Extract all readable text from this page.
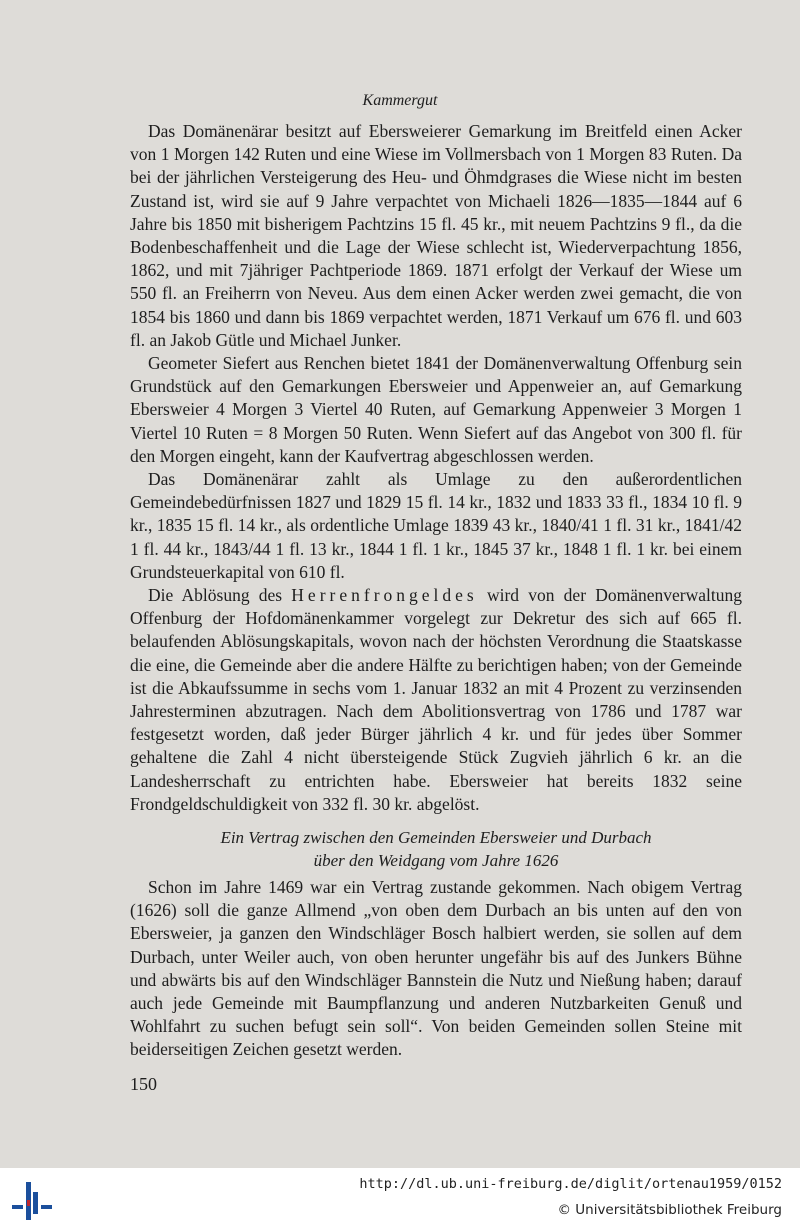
Kammergut

Das Domänenärar besitzt auf Ebersweierer Gemarkung im Breitfeld einen Acker von 1 Morgen 142 Ruten und eine Wiese im Vollmersbach von 1 Morgen 83 Ruten. Da bei der jährlichen Versteigerung des Heu- und Öhmdgrases die Wiese nicht im besten Zustand ist, wird sie auf 9 Jahre verpachtet von Michaeli 1826—1835—1844 auf 6 Jahre bis 1850 mit bisherigem Pachtzins 15 fl. 45 kr., mit neuem Pachtzins 9 fl., da die Bodenbeschaffenheit und die Lage der Wiese schlecht ist, Wiederverpachtung 1856, 1862, und mit 7jähriger Pachtperiode 1869. 1871 erfolgt der Verkauf der Wiese um 550 fl. an Freiherrn von Neveu. Aus dem einen Acker werden zwei gemacht, die von 1854 bis 1860 und dann bis 1869 verpachtet werden, 1871 Verkauf um 676 fl. und 603 fl. an Jakob Gütle und Michael Junker.

Geometer Siefert aus Renchen bietet 1841 der Domänenverwaltung Offenburg sein Grundstück auf den Gemarkungen Ebersweier und Appenweier an, auf Gemarkung Ebersweier 4 Morgen 3 Viertel 40 Ruten, auf Gemarkung Appenweier 3 Morgen 1 Viertel 10 Ruten = 8 Morgen 50 Ruten. Wenn Siefert auf das Angebot von 300 fl. für den Morgen eingeht, kann der Kaufvertrag abgeschlossen werden.

Das Domänenärar zahlt als Umlage zu den außerordentlichen Gemeindebedürfnissen 1827 und 1829 15 fl. 14 kr., 1832 und 1833 33 fl., 1834 10 fl. 9 kr., 1835 15 fl. 14 kr., als ordentliche Umlage 1839 43 kr., 1840/41 1 fl. 31 kr., 1841/42 1 fl. 44 kr., 1843/44 1 fl. 13 kr., 1844 1 fl. 1 kr., 1845 37 kr., 1848 1 fl. 1 kr. bei einem Grundsteuerkapital von 610 fl.

Die Ablösung des Herrenfrongeldes wird von der Domänenverwaltung Offenburg der Hofdomänenkammer vorgelegt zur Dekretur des sich auf 665 fl. belaufenden Ablösungskapitals, wovon nach der höchsten Verordnung die Staatskasse die eine, die Gemeinde aber die andere Hälfte zu berichtigen haben; von der Gemeinde ist die Abkaufssumme in sechs vom 1. Januar 1832 an mit 4 Prozent zu verzinsenden Jahresterminen abzutragen. Nach dem Abolitionsvertrag von 1786 und 1787 war festgesetzt worden, daß jeder Bürger jährlich 4 kr. und für jedes über Sommer gehaltene die Zahl 4 nicht übersteigende Stück Zugvieh jährlich 6 kr. an die Landesherrschaft zu entrichten habe. Ebersweier hat bereits 1832 seine Frondgeldschuldigkeit von 332 fl. 30 kr. abgelöst.

Ein Vertrag zwischen den Gemeinden Ebersweier und Durbach
über den Weidgang vom Jahre 1626

Schon im Jahre 1469 war ein Vertrag zustande gekommen. Nach obigem Vertrag (1626) soll die ganze Allmend „von oben dem Durbach an bis unten auf den von Ebersweier, ja ganzen den Windschläger Bosch halbiert werden, sie sollen auf dem Durbach, unter Weiler auch, von oben herunter ungefähr bis auf des Junkers Bühne und abwärts bis auf den Windschläger Bannstein die Nutz und Nießung haben; darauf auch jede Gemeinde mit Baumpflanzung und anderen Nutzbarkeiten Genuß und Wohlfahrt zu suchen befugt sein soll“. Von beiden Gemeinden sollen Steine mit beiderseitigen Zeichen gesetzt werden.

150
http://dl.ub.uni-freiburg.de/diglit/ortenau1959/0152
© Universitätsbibliothek Freiburg
